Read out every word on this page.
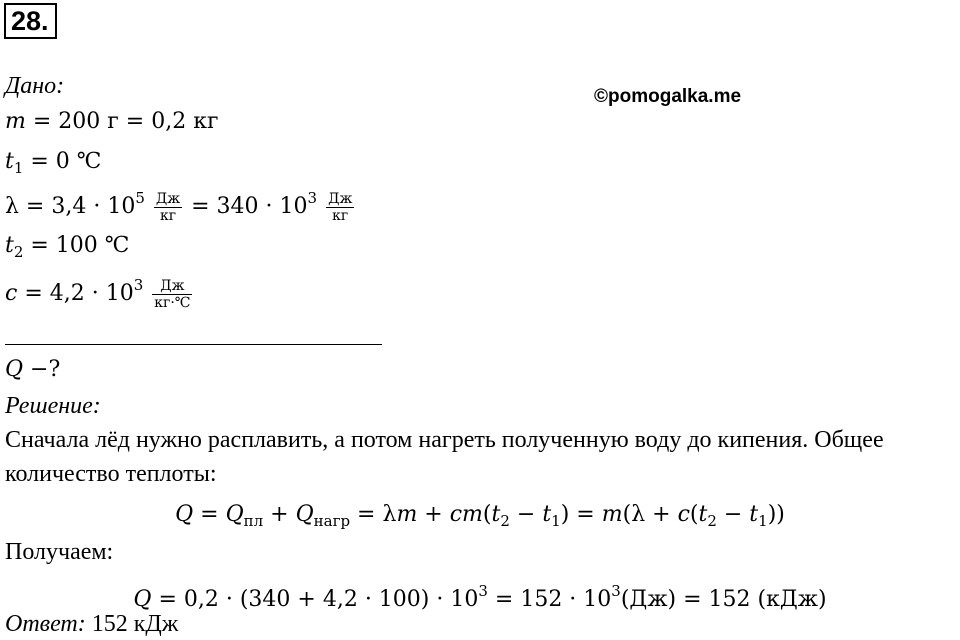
28.
©pomogalka.me
Дано:
m = 200 г = 0,2 кг
$t_1 = 0$ ℃
$\lambda = 3,4 \cdot 10^5 \frac{Дж}{кг} = 340 \cdot 10^3 \frac{Дж}{кг}$
$t_2 = 100$ ℃
$c = 4,2 \cdot 10^3 \frac{Дж}{кг\cdot℃}$
Q −?
Решение:
Сначала лёд нужно расплавить, а потом нагреть полученную воду до кипения. Общее
количество теплоты:
$Q = Q_{пл} + Q_{нагр} = \lambda m + cm(t_2 - t_1) = m(\lambda + c(t_2 - t_1))$
Получаем:
$Q = 0,2 \cdot (340 + 4,2 \cdot 100) \cdot 10^3 = 152 \cdot 10^3(Дж) = 152$ (кДж)
Ответ: 152 кДж
